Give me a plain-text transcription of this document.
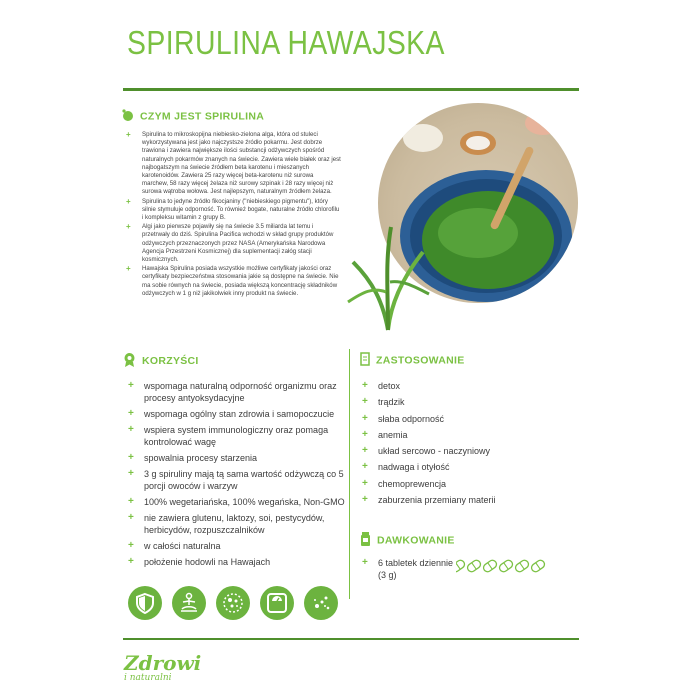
SPIRULINA HAWAJSKA
CZYM JEST SPIRULINA
+ Spirulina to mikroskopijna niebiesko-zielona alga, która od stuleci wykorzystywana jest jako najczystsze źródło pokarmu. Jest dobrze trawiona i zawiera największe ilości substancji odżywczych spośród naturalnych pokarmów znanych na świecie. Zawiera wiele białek oraz jest najbogatszym na świecie źródłem beta karotenu i mieszanych karotenoidów. Zawiera 25 razy więcej beta-karotenu niż surowa marchew, 58 razy więcej żelaza niż surowy szpinak i 28 razy więcej niż surowa wątroba wołowa. Jest najlepszym, naturalnym źródłem żelaza.
+ Spirulina to jedyne źródło fikocjaniny ("niebieskiego pigmentu"), który silnie stymuluje odporność. To również bogate, naturalne źródło chlorofilu i kompleksu witamin z grupy B.
+ Algi jako pierwsze pojawiły się na świecie 3.5 miliarda lat temu i przetrwały do dziś. Spirulina Pacifica wchodzi w skład grupy produktów odżywczych przeznaczonych przez NASA (Amerykańska Narodowa Agencja Przestrzeni Kosmicznej) dla suplementacji załóg stacji kosmicznych.
+ Hawajska Spirulina posiada wszystkie możliwe certyfikaty jakości oraz certyfikaty bezpieczeństwa stosowania jakie są dostępne na świecie. Nie ma sobie równych na świecie, posiada większą koncentrację składników odżywczych w 1 g niż jakikolwiek inny produkt na świecie.
KORZYŚCI
+ wspomaga naturalną odporność organizmu oraz procesy antyoksydacyjne
+ wspomaga ogólny stan zdrowia i samopoczucie
+ wspiera system immunologiczny oraz pomaga kontrolować wagę
+ spowalnia procesy starzenia
+ 3 g spiruliny mają tą sama wartość odżywczą co 5 porcji owoców i warzyw
+ 100% wegetariańska, 100% wegańska, Non-GMO
+ nie zawiera glutenu, laktozy, soi, pestycydów, herbicydów, rozpuszczalników
+ w całości naturalna
+ położenie hodowli na Hawajach
ZASTOSOWANIE
+ detox
+ trądzik
+ słaba odporność
+ anemia
+ układ sercowo - naczyniowy
+ nadwaga i otyłość
+ chemoprewencja
+ zaburzenia przemiany materii
DAWKOWANIE
+ 6 tabletek dziennie
(3 g)
Zdrowi
i naturalni
